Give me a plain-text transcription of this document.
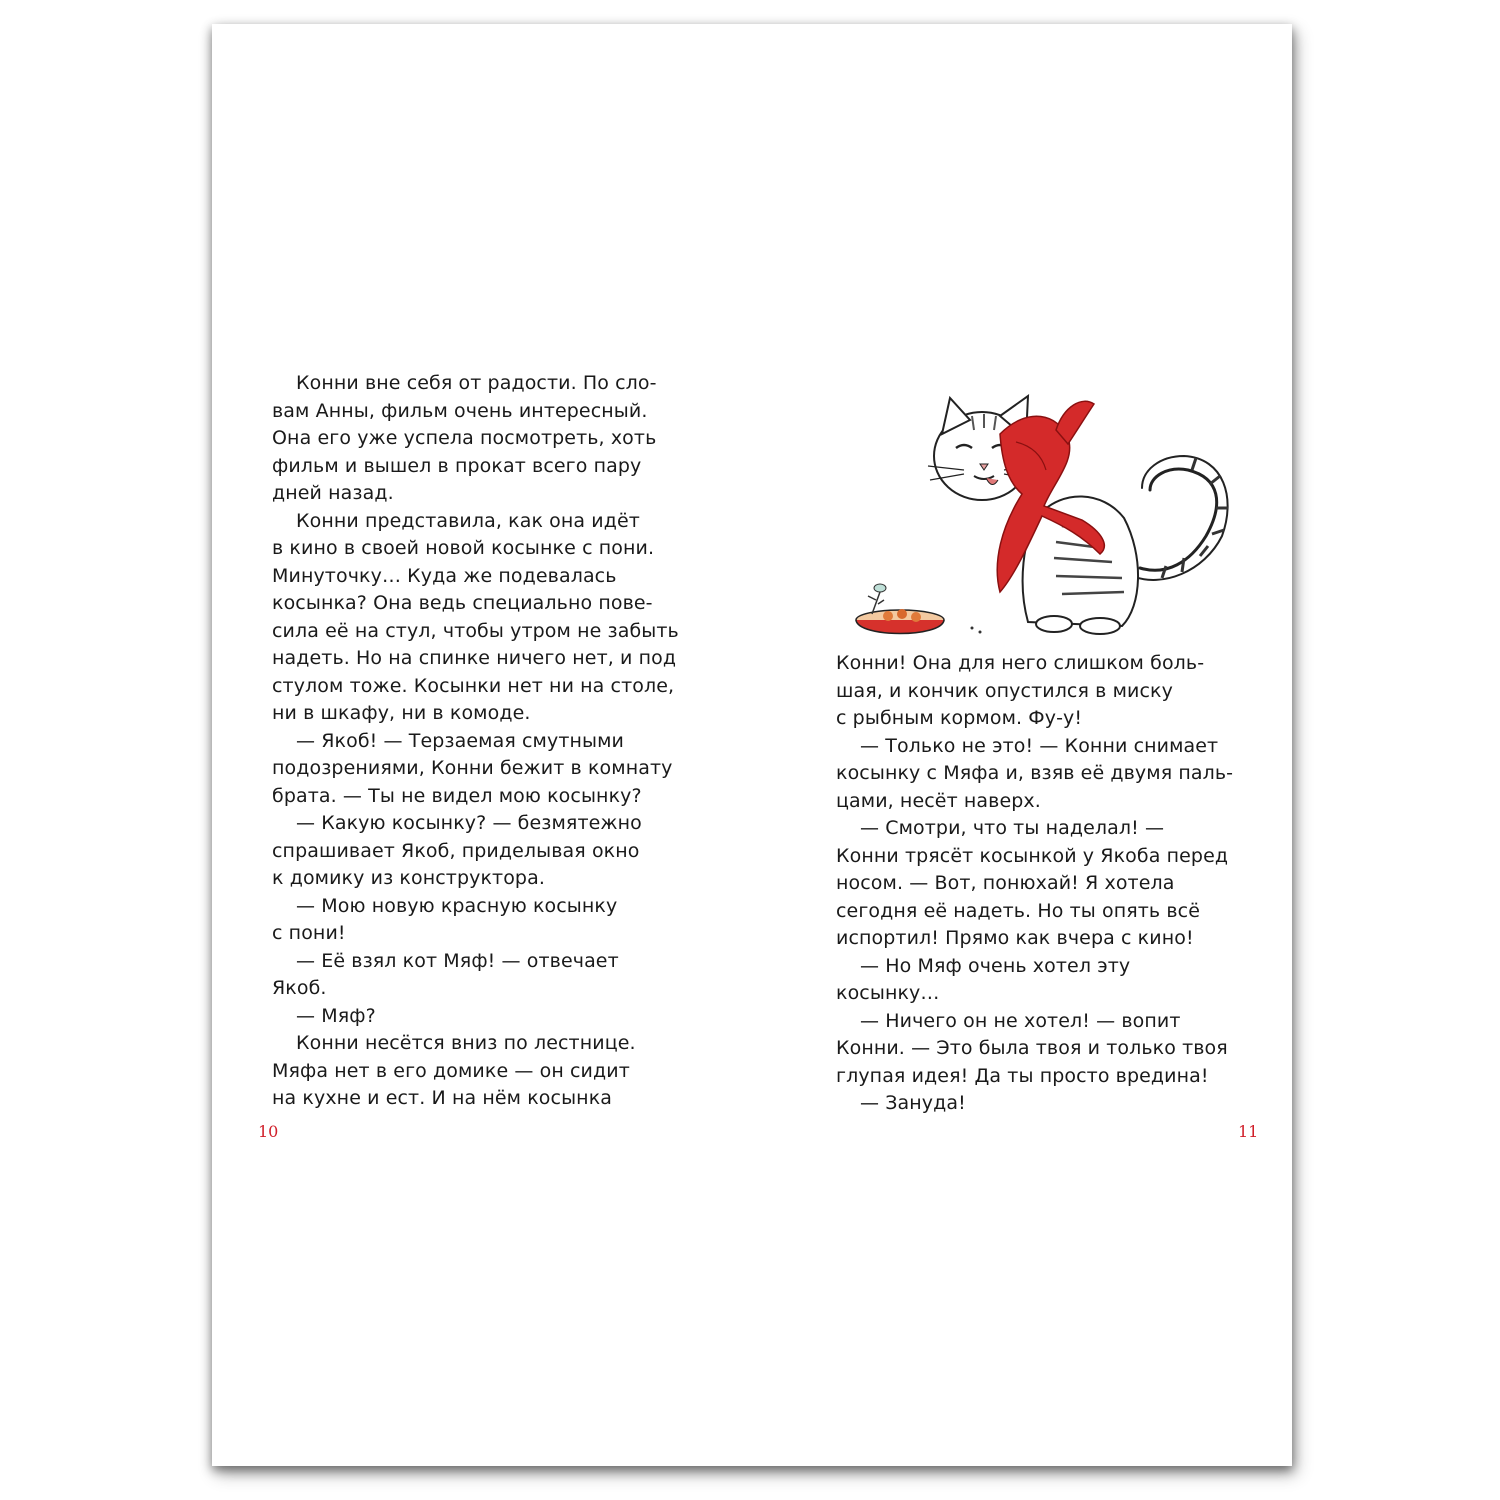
Конни вне себя от радости. По сло-
вам Анны, фильм очень интересный.
Она его уже успела посмотреть, хоть
фильм и вышел в прокат всего пару
дней назад.
Конни представила, как она идёт
в кино в своей новой косынке с пони.
Минуточку… Куда же подевалась
косынка? Она ведь специально пове-
сила её на стул, чтобы утром не забыть
надеть. Но на спинке ничего нет, и под
стулом тоже. Косынки нет ни на столе,
ни в шкафу, ни в комоде.
— Якоб! — Терзаемая смутными
подозрениями, Конни бежит в комнату
брата. — Ты не видел мою косынку?
— Какую косынку? — безмятежно
спрашивает Якоб, приделывая окно
к домику из конструктора.
— Мою новую красную косынку
с пони!
— Её взял кот Мяф! — отвечает
Якоб.
— Мяф?
Конни несётся вниз по лестнице.
Мяфа нет в его домике — он сидит
на кухне и ест. И на нём косынка
10
Конни! Она для него слишком боль-
шая, и кончик опустился в миску
с рыбным кормом. Фу-у!
— Только не это! — Конни снимает
косынку с Мяфа и, взяв её двумя паль-
цами, несёт наверх.
— Смотри, что ты наделал! —
Конни трясёт косынкой у Якоба перед
носом. — Вот, понюхай! Я хотела
сегодня её надеть. Но ты опять всё
испортил! Прямо как вчера с кино!
— Но Мяф очень хотел эту
косынку…
— Ничего он не хотел! — вопит
Конни. — Это была твоя и только твоя
глупая идея! Да ты просто вредина!
— Зануда!
11
